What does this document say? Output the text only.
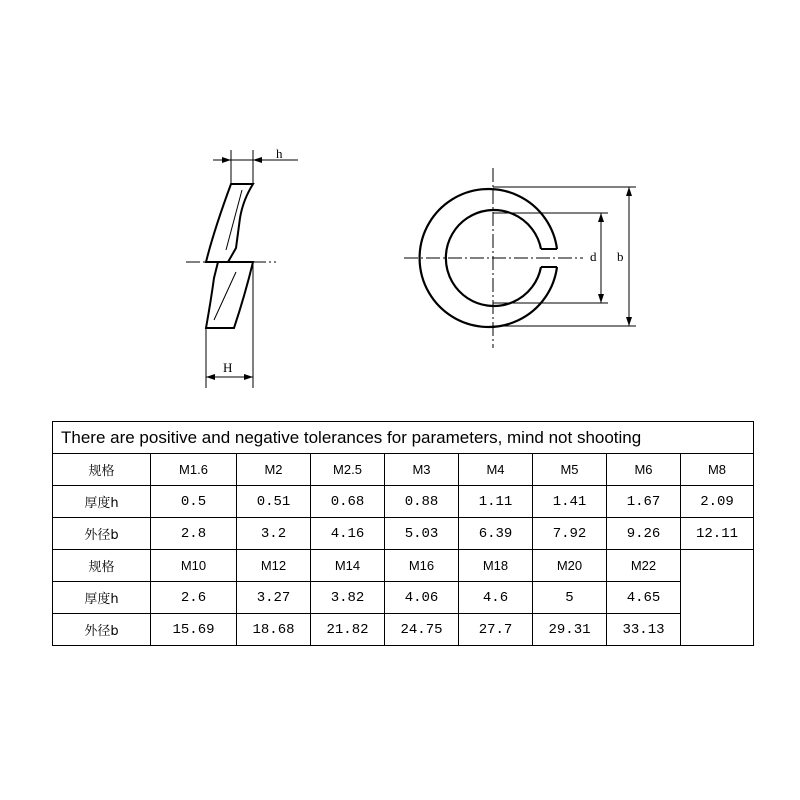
h
H
d b
There are positive and negative tolerances for parameters, mind not shooting								
规格	M1.6	M2	M2.5	M3	M4	M5	M6	M8
厚度h	0.5	0.51	0.68	0.88	1.11	1.41	1.67	2.09
外径b	2.8	3.2	4.16	5.03	6.39	7.92	9.26	12.11
规格	M10	M12	M14	M16	M18	M20	M22	
厚度h	2.6	3.27	3.82	4.06	4.6	5	4.65	
外径b	15.69	18.68	21.82	24.75	27.7	29.31	33.13	
